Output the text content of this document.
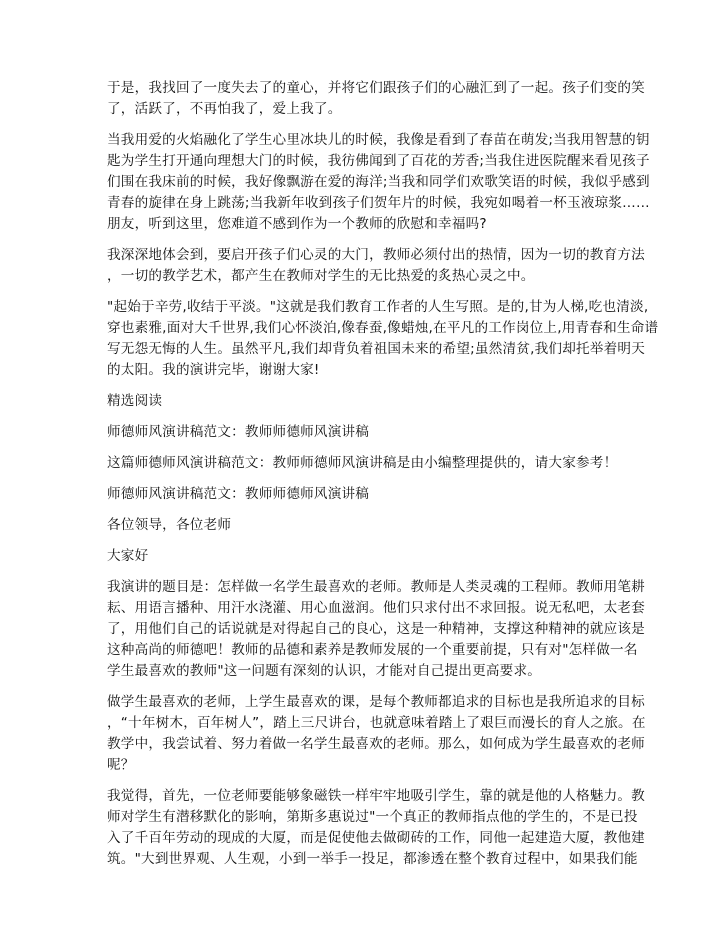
于是，我找回了一度失去了的童心，并将它们跟孩子们的心融汇到了一起。孩子们变的笑
了，活跃了，不再怕我了，爱上我了。
当我用爱的火焰融化了学生心里冰块儿的时候，我像是看到了春苗在萌发;当我用智慧的钥
匙为学生打开通向理想大门的时候，我彷佛闻到了百花的芳香;当我住进医院醒来看见孩子
们围在我床前的时候，我好像飘游在爱的海洋;当我和同学们欢歌笑语的时候，我似乎感到
青春的旋律在身上跳荡;当我新年收到孩子们贺年片的时候，我宛如喝着一杯玉液琼浆……
朋友，听到这里，您难道不感到作为一个教师的欣慰和幸福吗?
我深深地体会到，要启开孩子们心灵的大门，教师必须付出的热情，因为一切的教育方法
，一切的教学艺术，都产生在教师对学生的无比热爱的炙热心灵之中。
"起始于辛劳,收结于平淡。"这就是我们教育工作者的人生写照。是的,甘为人梯,吃也清淡,
穿也素雅,面对大千世界,我们心怀淡泊,像春蚕,像蜡烛,在平凡的工作岗位上,用青春和生命谱
写无怨无悔的人生。虽然平凡,我们却背负着祖国未来的希望;虽然清贫,我们却托举着明天
的太阳。我的演讲完毕，谢谢大家!
精选阅读
师德师风演讲稿范文：教师师德师风演讲稿
这篇师德师风演讲稿范文：教师师德师风演讲稿是由小编整理提供的，请大家参考！
师德师风演讲稿范文：教师师德师风演讲稿
各位领导，各位老师
大家好
我演讲的题目是：怎样做一名学生最喜欢的老师。教师是人类灵魂的工程师。教师用笔耕
耘、用语言播种、用汗水浇灌、用心血滋润。他们只求付出不求回报。说无私吧，太老套
了，用他们自己的话说就是对得起自己的良心，这是一种精神，支撑这种精神的就应该是
这种高尚的师德吧！教师的品德和素养是教师发展的一个重要前提，只有对"怎样做一名
学生最喜欢的教师"这一问题有深刻的认识，才能对自己提出更高要求。
做学生最喜欢的老师，上学生最喜欢的课，是每个教师都追求的目标也是我所追求的目标
，“十年树木，百年树人”，踏上三尺讲台，也就意味着踏上了艰巨而漫长的育人之旅。在
教学中，我尝试着、努力着做一名学生最喜欢的老师。那么，如何成为学生最喜欢的老师
呢？
我觉得，首先，一位老师要能够象磁铁一样牢牢地吸引学生，靠的就是他的人格魅力。教
师对学生有潜移默化的影响，第斯多惠说过"一个真正的教师指点他的学生的，不是已投
入了千百年劳动的现成的大厦，而是促使他去做砌砖的工作，同他一起建造大厦，教他建
筑。"大到世界观、人生观，小到一举手一投足，都渗透在整个教育过程中，如果我们能
